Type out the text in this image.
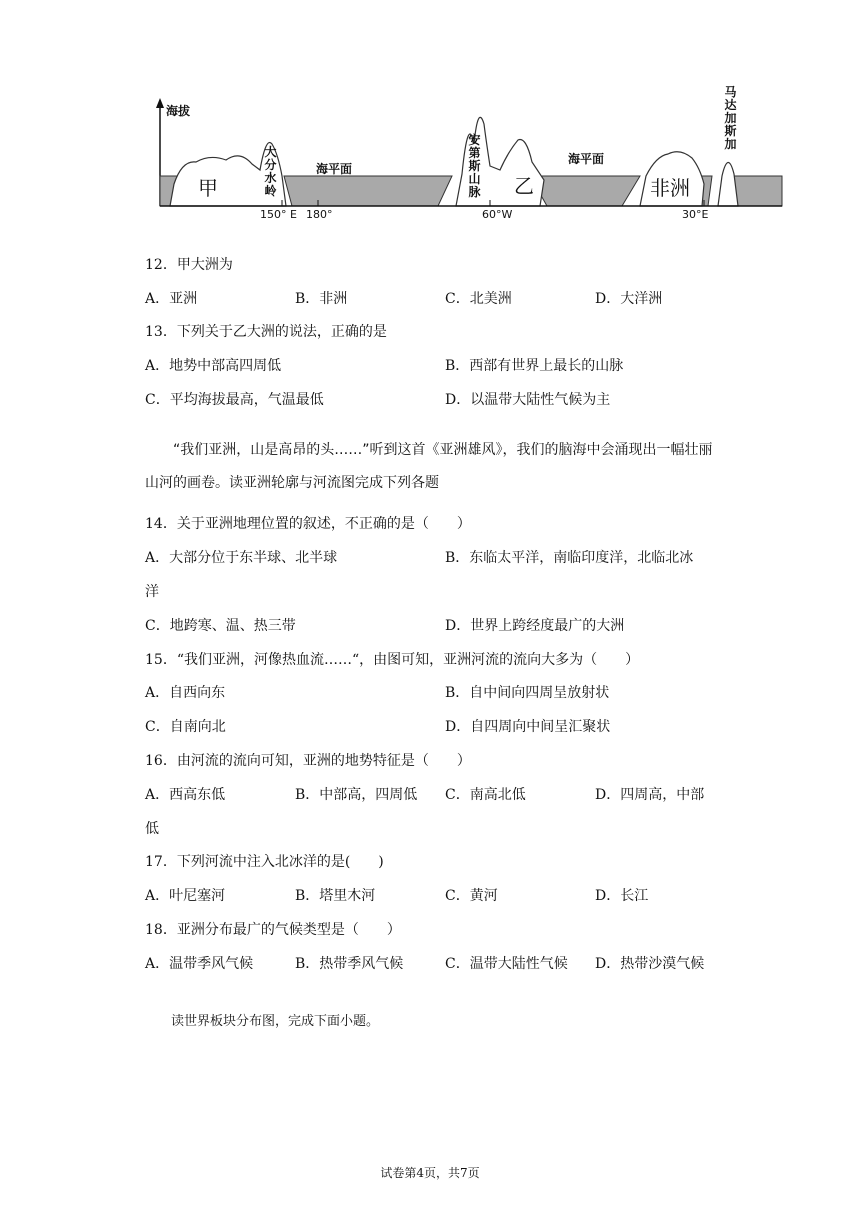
海拔
甲
大分水岭
海平面
安第斯山脉 乙
海平面
非洲
马达加斯加
150° E 180°	60°W	30°E
12．甲大洲为
A．亚洲	B．非洲	C．北美洲	D．大洋洲
13．下列关于乙大洲的说法，正确的是
A．地势中部高四周低	B．西部有世界上最长的山脉
C．平均海拔最高，气温最低	D．以温带大陆性气候为主
“我们亚洲，山是高昂的头……”听到这首《亚洲雄风》，我们的脑海中会涌现出一幅壮丽山河的画卷。读亚洲轮廓与河流图完成下列各题
14．关于亚洲地理位置的叙述，不正确的是（　　）
A．大部分位于东半球、北半球	B．东临太平洋，南临印度洋，北临北冰
洋
C．地跨寒、温、热三带	D．世界上跨经度最广的大洲
15．“我们亚洲，河像热血流……“，由图可知，亚洲河流的流向大多为（　　）
A．自西向东	B．自中间向四周呈放射状
C．自南向北	D．自四周向中间呈汇聚状
16．由河流的流向可知，亚洲的地势特征是（　　）
A．西高东低	B．中部高，四周低 C．南高北低	D．四周高，中部
低
17．下列河流中注入北冰洋的是(　　)
A．叶尼塞河	B．塔里木河	C．黄河	D．长江
18．亚洲分布最广的气候类型是（　　）
A．温带季风气候	B．热带季风气候	C．温带大陆性气候 D．热带沙漠气候
读世界板块分布图，完成下面小题。
试卷第4页，共7页
